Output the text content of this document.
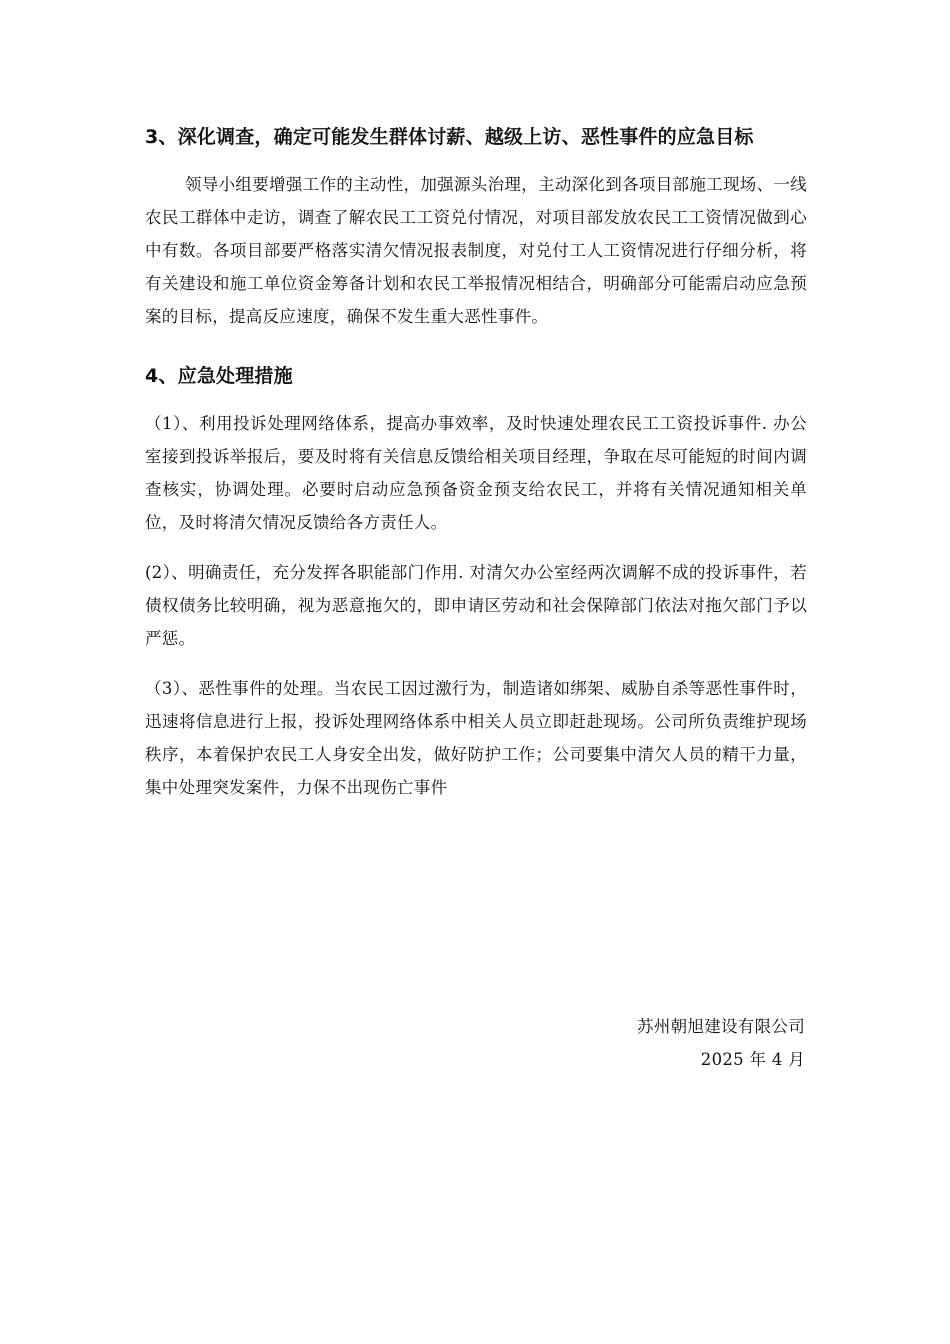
3、深化调查，确定可能发生群体讨薪、越级上访、恶性事件的应急目标

领导小组要增强工作的主动性，加强源头治理，主动深化到各项目部施工现场、一线农民工群体中走访，调查了解农民工工资兑付情况，对项目部发放农民工工资情况做到心中有数。各项目部要严格落实清欠情况报表制度，对兑付工人工资情况进行仔细分析，将有关建设和施工单位资金筹备计划和农民工举报情况相结合，明确部分可能需启动应急预案的目标，提高反应速度，确保不发生重大恶性事件。

4、应急处理措施

（1）、利用投诉处理网络体系，提高办事效率，及时快速处理农民工工资投诉事件. 办公室接到投诉举报后，要及时将有关信息反馈给相关项目经理，争取在尽可能短的时间内调查核实，协调处理。必要时启动应急预备资金预支给农民工，并将有关情况通知相关单位，及时将清欠情况反馈给各方责任人。

(2）、明确责任，充分发挥各职能部门作用. 对清欠办公室经两次调解不成的投诉事件，若债权债务比较明确，视为恶意拖欠的，即申请区劳动和社会保障部门依法对拖欠部门予以严惩。

（3）、恶性事件的处理。当农民工因过激行为，制造诸如绑架、威胁自杀等恶性事件时，迅速将信息进行上报，投诉处理网络体系中相关人员立即赶赴现场。公司所负责维护现场秩序，本着保护农民工人身安全出发，做好防护工作；公司要集中清欠人员的精干力量，集中处理突发案件，力保不出现伤亡事件

苏州朝旭建设有限公司
2025 年 4 月
